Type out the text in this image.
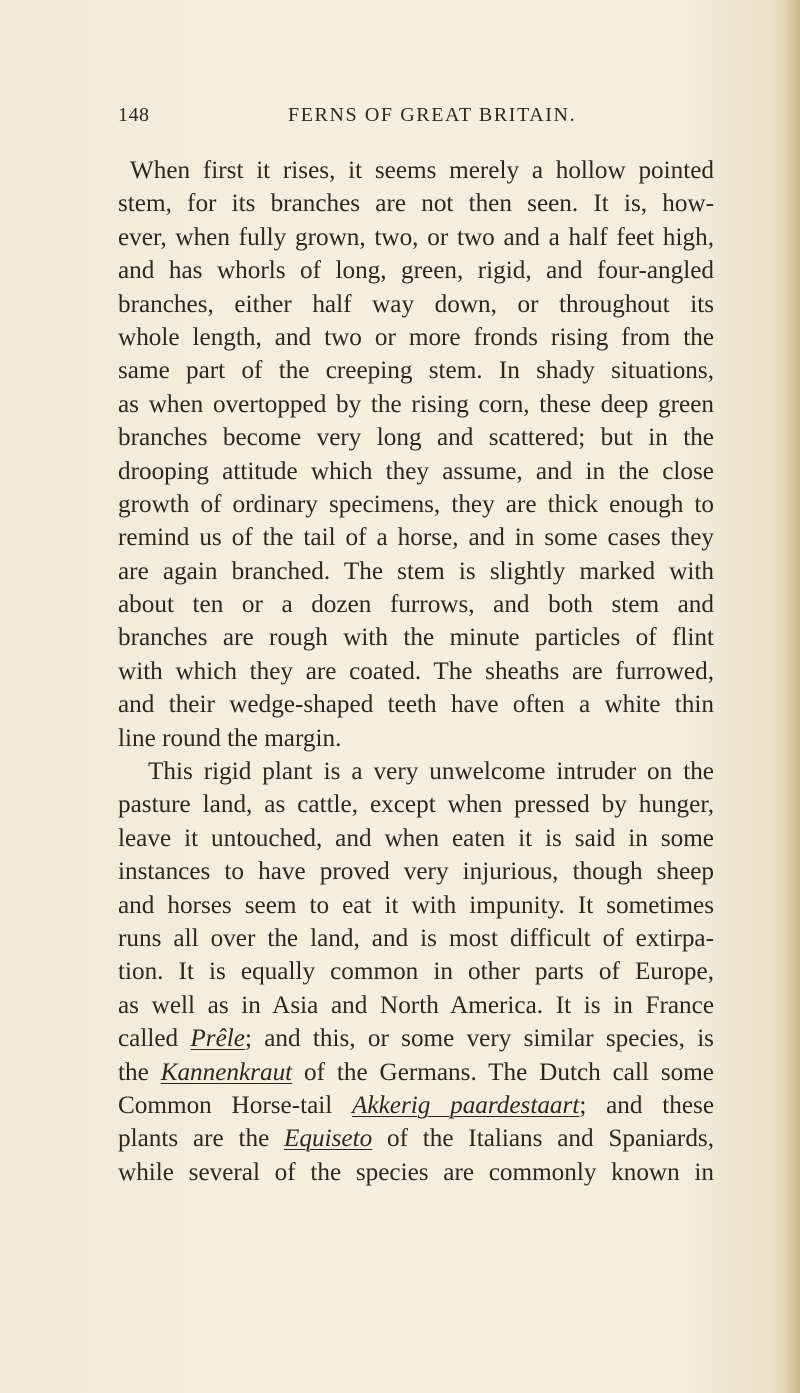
148	FERNS OF GREAT BRITAIN.
When first it rises, it seems merely a hollow pointed
stem, for its branches are not then seen. It is, how-
ever, when fully grown, two, or two and a half feet high,
and has whorls of long, green, rigid, and four-angled
branches, either half way down, or throughout its
whole length, and two or more fronds rising from the
same part of the creeping stem. In shady situations,
as when overtopped by the rising corn, these deep green
branches become very long and scattered; but in the
drooping attitude which they assume, and in the close
growth of ordinary specimens, they are thick enough to
remind us of the tail of a horse, and in some cases they
are again branched. The stem is slightly marked with
about ten or a dozen furrows, and both stem and
branches are rough with the minute particles of flint
with which they are coated. The sheaths are furrowed,
and their wedge-shaped teeth have often a white thin
line round the margin.
This rigid plant is a very unwelcome intruder on the
pasture land, as cattle, except when pressed by hunger,
leave it untouched, and when eaten it is said in some
instances to have proved very injurious, though sheep
and horses seem to eat it with impunity. It sometimes
runs all over the land, and is most difficult of extirpa-
tion. It is equally common in other parts of Europe,
as well as in Asia and North America. It is in France
called Prêle; and this, or some very similar species, is
the Kannenkraut of the Germans. The Dutch call some
Common Horse-tail Akkerig paardestaart; and these
plants are the Equiseto of the Italians and Spaniards,
while several of the species are commonly known in
